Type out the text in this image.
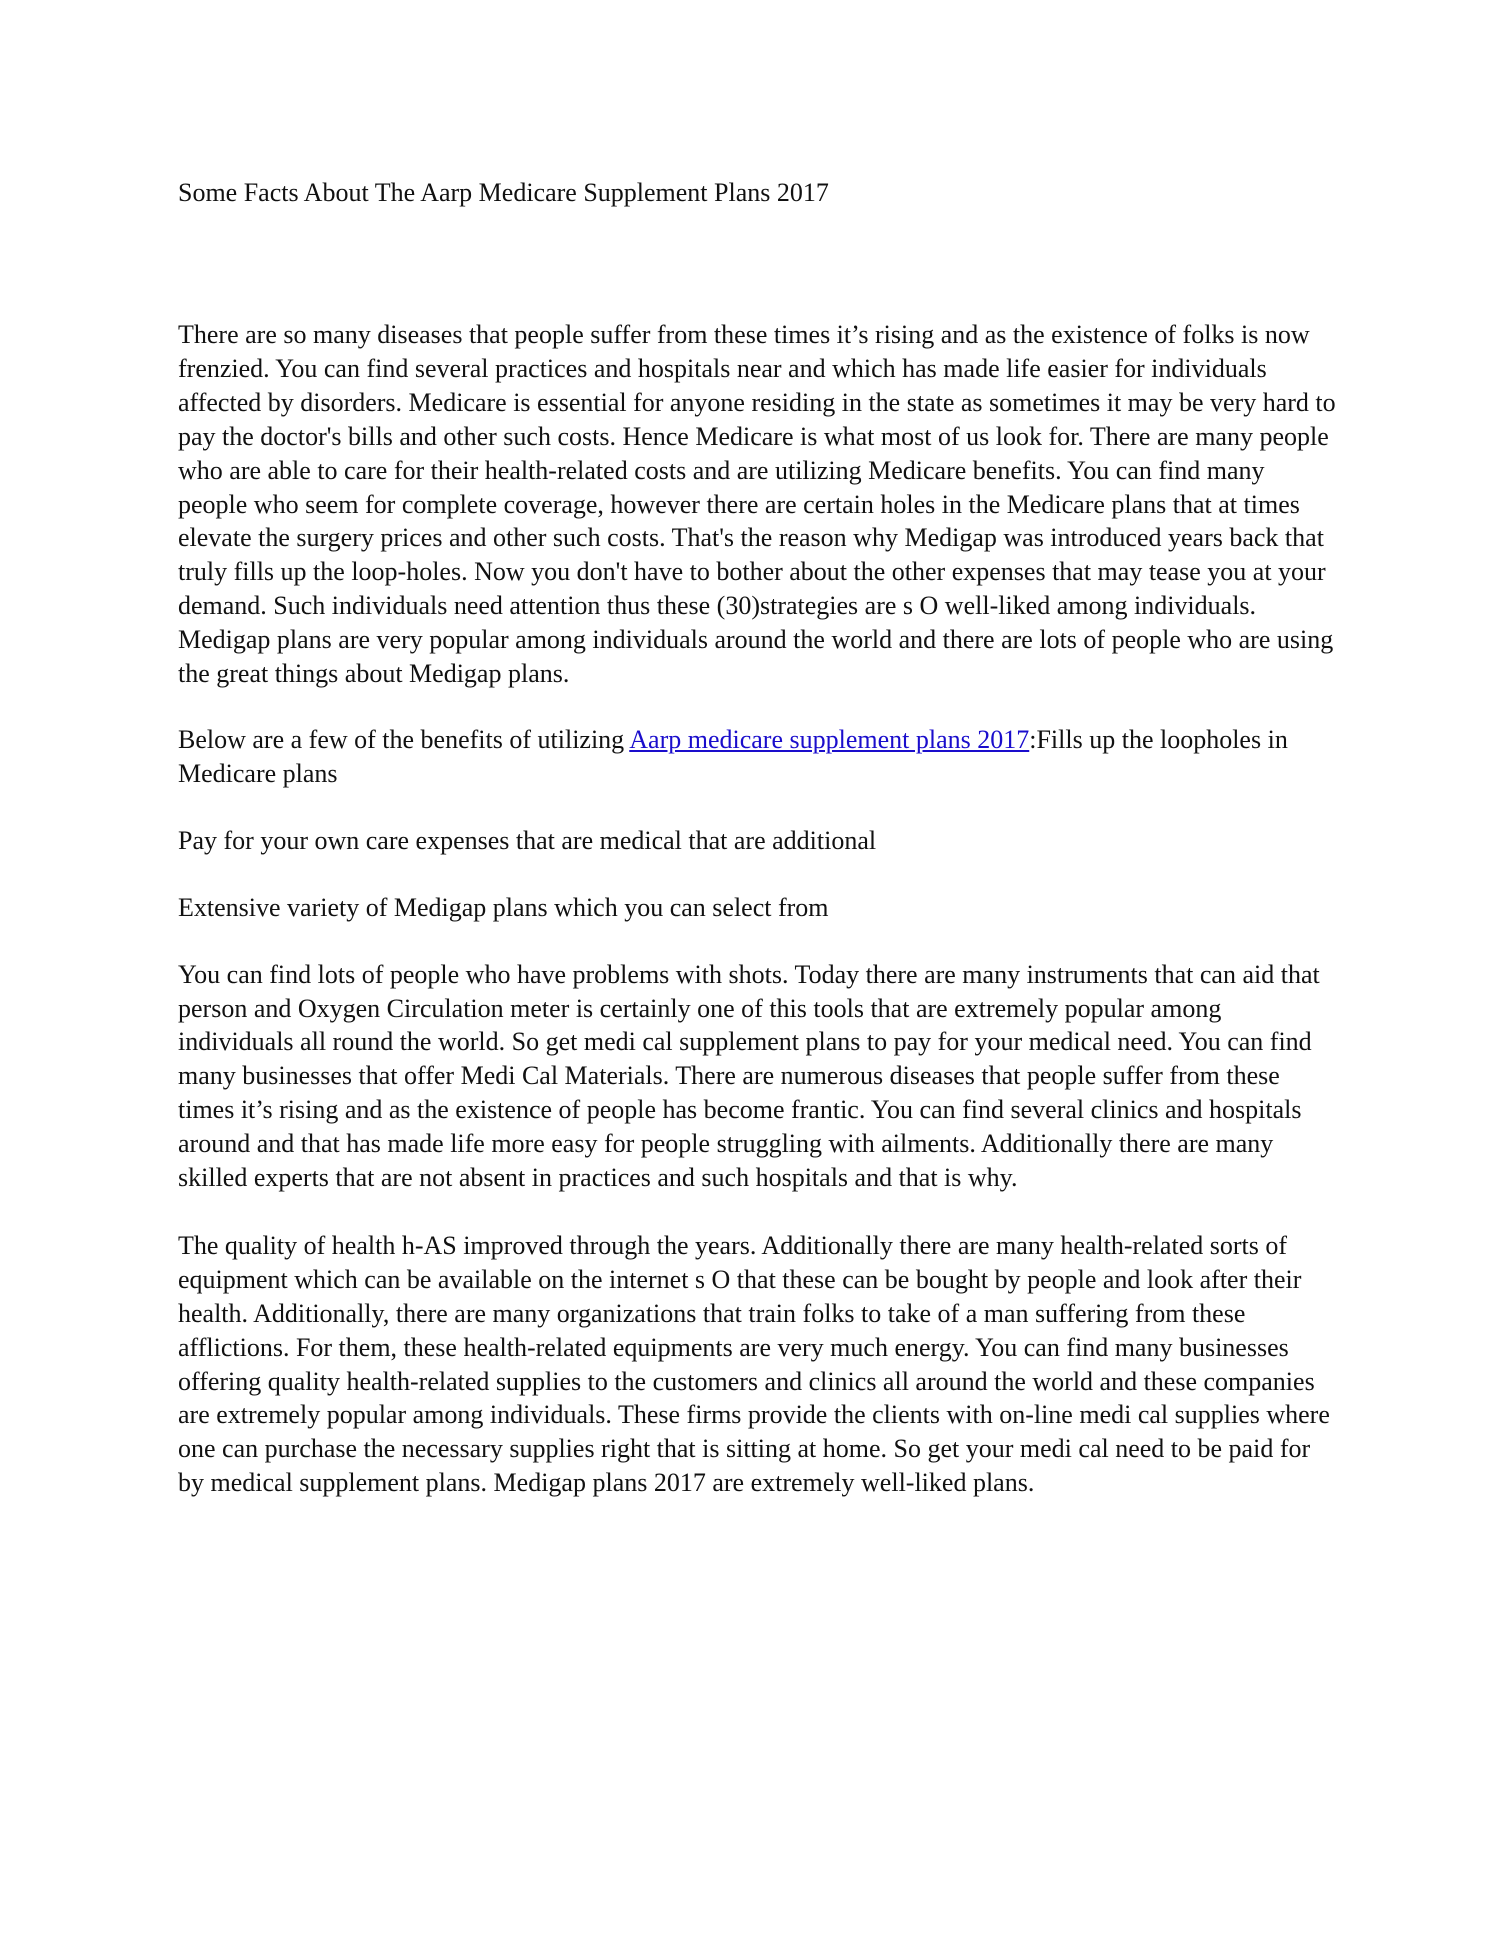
Some Facts About The Aarp Medicare Supplement Plans 2017

There are so many diseases that people suffer from these times it’s rising and as the existence of folks is now frenzied. You can find several practices and hospitals near and which has made life easier for individuals affected by disorders. Medicare is essential for anyone residing in the state as sometimes it may be very hard to pay the doctor's bills and other such costs. Hence Medicare is what most of us look for. There are many people who are able to care for their health-related costs and are utilizing Medicare benefits. You can find many people who seem for complete coverage, however there are certain holes in the Medicare plans that at times elevate the surgery prices and other such costs. That's the reason why Medigap was introduced years back that truly fills up the loop-holes. Now you don't have to bother about the other expenses that may tease you at your demand. Such individuals need attention thus these (30)strategies are s O well-liked among individuals. Medigap plans are very popular among individuals around the world and there are lots of people who are using the great things about Medigap plans.

Below are a few of the benefits of utilizing Aarp medicare supplement plans 2017:Fills up the loopholes in Medicare plans

Pay for your own care expenses that are medical that are additional

Extensive variety of Medigap plans which you can select from

You can find lots of people who have problems with shots. Today there are many instruments that can aid that person and Oxygen Circulation meter is certainly one of this tools that are extremely popular among individuals all round the world. So get medi cal supplement plans to pay for your medical need. You can find many businesses that offer Medi Cal Materials. There are numerous diseases that people suffer from these times it’s rising and as the existence of people has become frantic. You can find several clinics and hospitals around and that has made life more easy for people struggling with ailments. Additionally there are many skilled experts that are not absent in practices and such hospitals and that is why.

The quality of health h-AS improved through the years. Additionally there are many health-related sorts of equipment which can be available on the internet s O that these can be bought by people and look after their health. Additionally, there are many organizations that train folks to take of a man suffering from these afflictions. For them, these health-related equipments are very much energy. You can find many businesses offering quality health-related supplies to the customers and clinics all around the world and these companies are extremely popular among individuals. These firms provide the clients with on-line medi cal supplies where one can purchase the necessary supplies right that is sitting at home. So get your medi cal need to be paid for by medical supplement plans. Medigap plans 2017 are extremely well-liked plans.
